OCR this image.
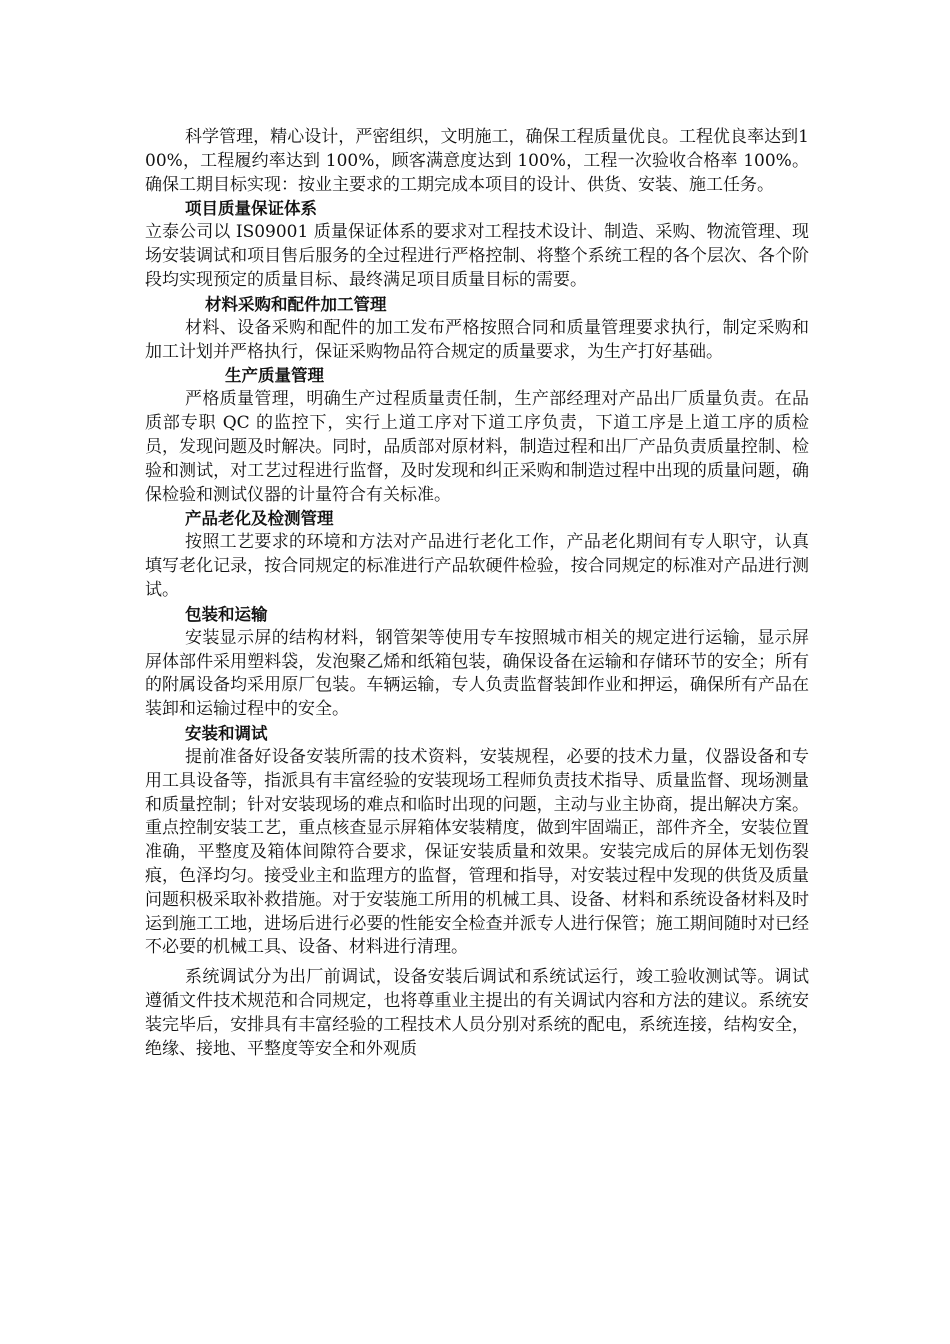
科学管理，精心设计，严密组织，文明施工，确保工程质量优良。工程优良率达到100%，工程履约率达到 100%，顾客满意度达到 100%，工程一次验收合格率 100%。确保工期目标实现：按业主要求的工期完成本项目的设计、供货、安装、施工任务。

项目质量保证体系

立泰公司以 IS09001 质量保证体系的要求对工程技术设计、制造、采购、物流管理、现场安装调试和项目售后服务的全过程进行严格控制、将整个系统工程的各个层次、各个阶段均实现预定的质量目标、最终满足项目质量目标的需要。

材料采购和配件加工管理

材料、设备采购和配件的加工发布严格按照合同和质量管理要求执行，制定采购和加工计划并严格执行，保证采购物品符合规定的质量要求，为生产打好基础。

生产质量管理

严格质量管理，明确生产过程质量责任制，生产部经理对产品出厂质量负责。在品质部专职 QC 的监控下，实行上道工序对下道工序负责，下道工序是上道工序的质检员，发现问题及时解决。同时，品质部对原材料，制造过程和出厂产品负责质量控制、检验和测试，对工艺过程进行监督，及时发现和纠正采购和制造过程中出现的质量问题，确保检验和测试仪器的计量符合有关标准。

产品老化及检测管理

按照工艺要求的环境和方法对产品进行老化工作，产品老化期间有专人职守，认真填写老化记录，按合同规定的标准进行产品软硬件检验，按合同规定的标准对产品进行测试。

包装和运输

安装显示屏的结构材料，钢管架等使用专车按照城市相关的规定进行运输，显示屏屏体部件采用塑料袋，发泡聚乙烯和纸箱包装，确保设备在运输和存储环节的安全；所有的附属设备均采用原厂包装。车辆运输，专人负责监督装卸作业和押运，确保所有产品在装卸和运输过程中的安全。

安装和调试

提前准备好设备安装所需的技术资料，安装规程，必要的技术力量，仪器设备和专用工具设备等，指派具有丰富经验的安装现场工程师负责技术指导、质量监督、现场测量和质量控制；针对安装现场的难点和临时出现的问题，主动与业主协商，提出解决方案。重点控制安装工艺，重点核查显示屏箱体安装精度，做到牢固端正，部件齐全，安装位置准确，平整度及箱体间隙符合要求，保证安装质量和效果。安装完成后的屏体无划伤裂痕，色泽均匀。接受业主和监理方的监督，管理和指导，对安装过程中发现的供货及质量问题积极采取补救措施。对于安装施工所用的机械工具、设备、材料和系统设备材料及时运到施工工地，进场后进行必要的性能安全检查并派专人进行保管；施工期间随时对已经不必要的机械工具、设备、材料进行清理。

系统调试分为出厂前调试，设备安装后调试和系统试运行，竣工验收测试等。调试遵循文件技术规范和合同规定，也将尊重业主提出的有关调试内容和方法的建议。系统安装完毕后，安排具有丰富经验的工程技术人员分别对系统的配电，系统连接，结构安全，绝缘、接地、平整度等安全和外观质
